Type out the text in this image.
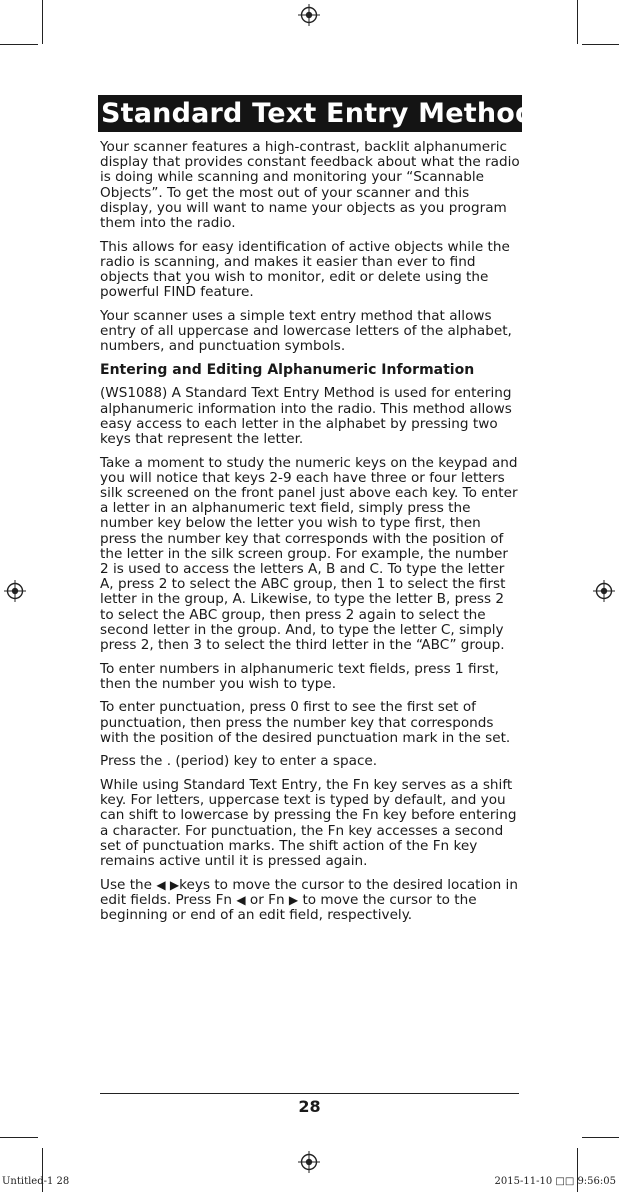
Standard Text Entry Method

Your scanner features a high-contrast, backlit alphanumeric display that provides constant feedback about what the radio is doing while scanning and monitoring your “Scannable Objects”. To get the most out of your scanner and this display, you will want to name your objects as you program them into the radio.

This allows for easy identification of active objects while the radio is scanning, and makes it easier than ever to find objects that you wish to monitor, edit or delete using the powerful FIND feature.

Your scanner uses a simple text entry method that allows entry of all uppercase and lowercase letters of the alphabet, numbers, and punctuation symbols.

Entering and Editing Alphanumeric Information

(WS1088) A Standard Text Entry Method is used for entering alphanumeric information into the radio. This method allows easy access to each letter in the alphabet by pressing two keys that represent the letter.

Take a moment to study the numeric keys on the keypad and you will notice that keys 2-9 each have three or four letters silk screened on the front panel just above each key. To enter a letter in an alphanumeric text field, simply press the number key below the letter you wish to type first, then press the number key that corresponds with the position of the letter in the silk screen group. For example, the number 2 is used to access the letters A, B and C. To type the letter A, press 2 to select the ABC group, then 1 to select the first letter in the group, A. Likewise, to type the letter B, press 2 to select the ABC group, then press 2 again to select the second letter in the group. And, to type the letter C, simply press 2, then 3 to select the third letter in the “ABC” group.

To enter numbers in alphanumeric text fields, press 1 first, then the number you wish to type.

To enter punctuation, press 0 first to see the first set of punctuation, then press the number key that corresponds with the position of the desired punctuation mark in the set.

Press the . (period) key to enter a space.

While using Standard Text Entry, the Fn key serves as a shift key. For letters, uppercase text is typed by default, and you can shift to lowercase by pressing the Fn key before entering a character. For punctuation, the Fn key accesses a second set of punctuation marks. The shift action of the Fn key remains active until it is pressed again.

Use the ◀ ▶keys to move the cursor to the desired location in edit fields. Press Fn ◀ or Fn ▶ to move the cursor to the beginning or end of an edit field, respectively.

28
Untitled-1 28	2015-11-10 □□ 9:56:05
